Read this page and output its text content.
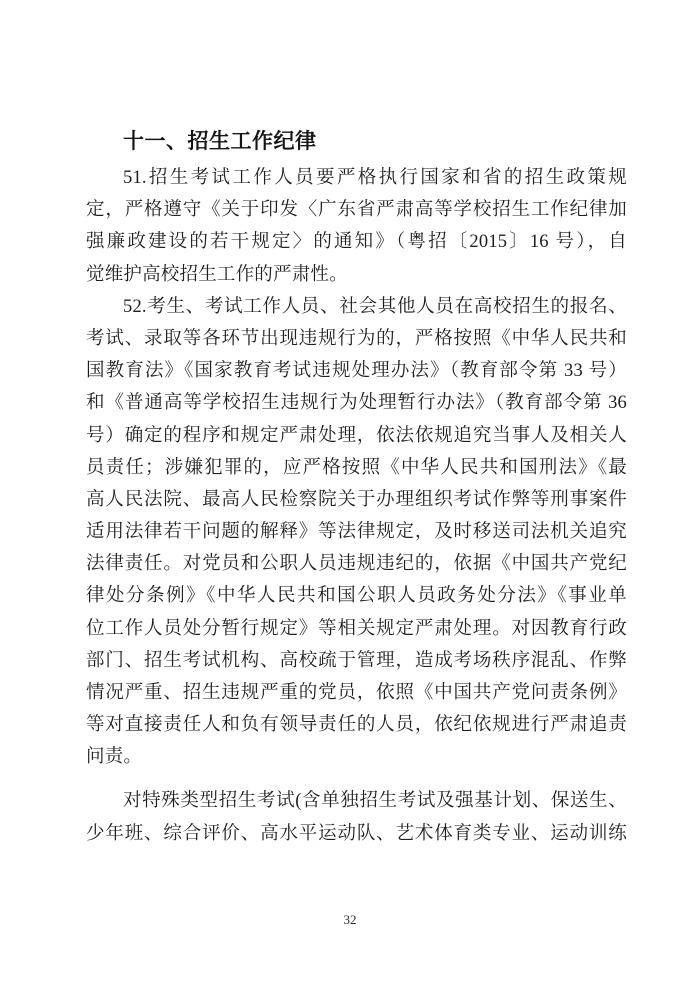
十一、招生工作纪律
51.招生考试工作人员要严格执行国家和省的招生政策规
定，严格遵守《关于印发〈广东省严肃高等学校招生工作纪律加
强廉政建设的若干规定〉的通知》（粤招〔2015〕16 号），自
觉维护高校招生工作的严肃性。
52.考生、考试工作人员、社会其他人员在高校招生的报名、
考试、录取等各环节出现违规行为的，严格按照《中华人民共和
国教育法》《国家教育考试违规处理办法》（教育部令第 33 号）
和《普通高等学校招生违规行为处理暂行办法》（教育部令第 36
号）确定的程序和规定严肃处理，依法依规追究当事人及相关人
员责任；涉嫌犯罪的，应严格按照《中华人民共和国刑法》《最
高人民法院、最高人民检察院关于办理组织考试作弊等刑事案件
适用法律若干问题的解释》等法律规定，及时移送司法机关追究
法律责任。对党员和公职人员违规违纪的，依据《中国共产党纪
律处分条例》《中华人民共和国公职人员政务处分法》《事业单
位工作人员处分暂行规定》等相关规定严肃处理。对因教育行政
部门、招生考试机构、高校疏于管理，造成考场秩序混乱、作弊
情况严重、招生违规严重的党员，依照《中国共产党问责条例》
等对直接责任人和负有领导责任的人员，依纪依规进行严肃追责
问责。
对特殊类型招生考试(含单独招生考试及强基计划、保送生、
少年班、综合评价、高水平运动队、艺术体育类专业、运动训练
32
